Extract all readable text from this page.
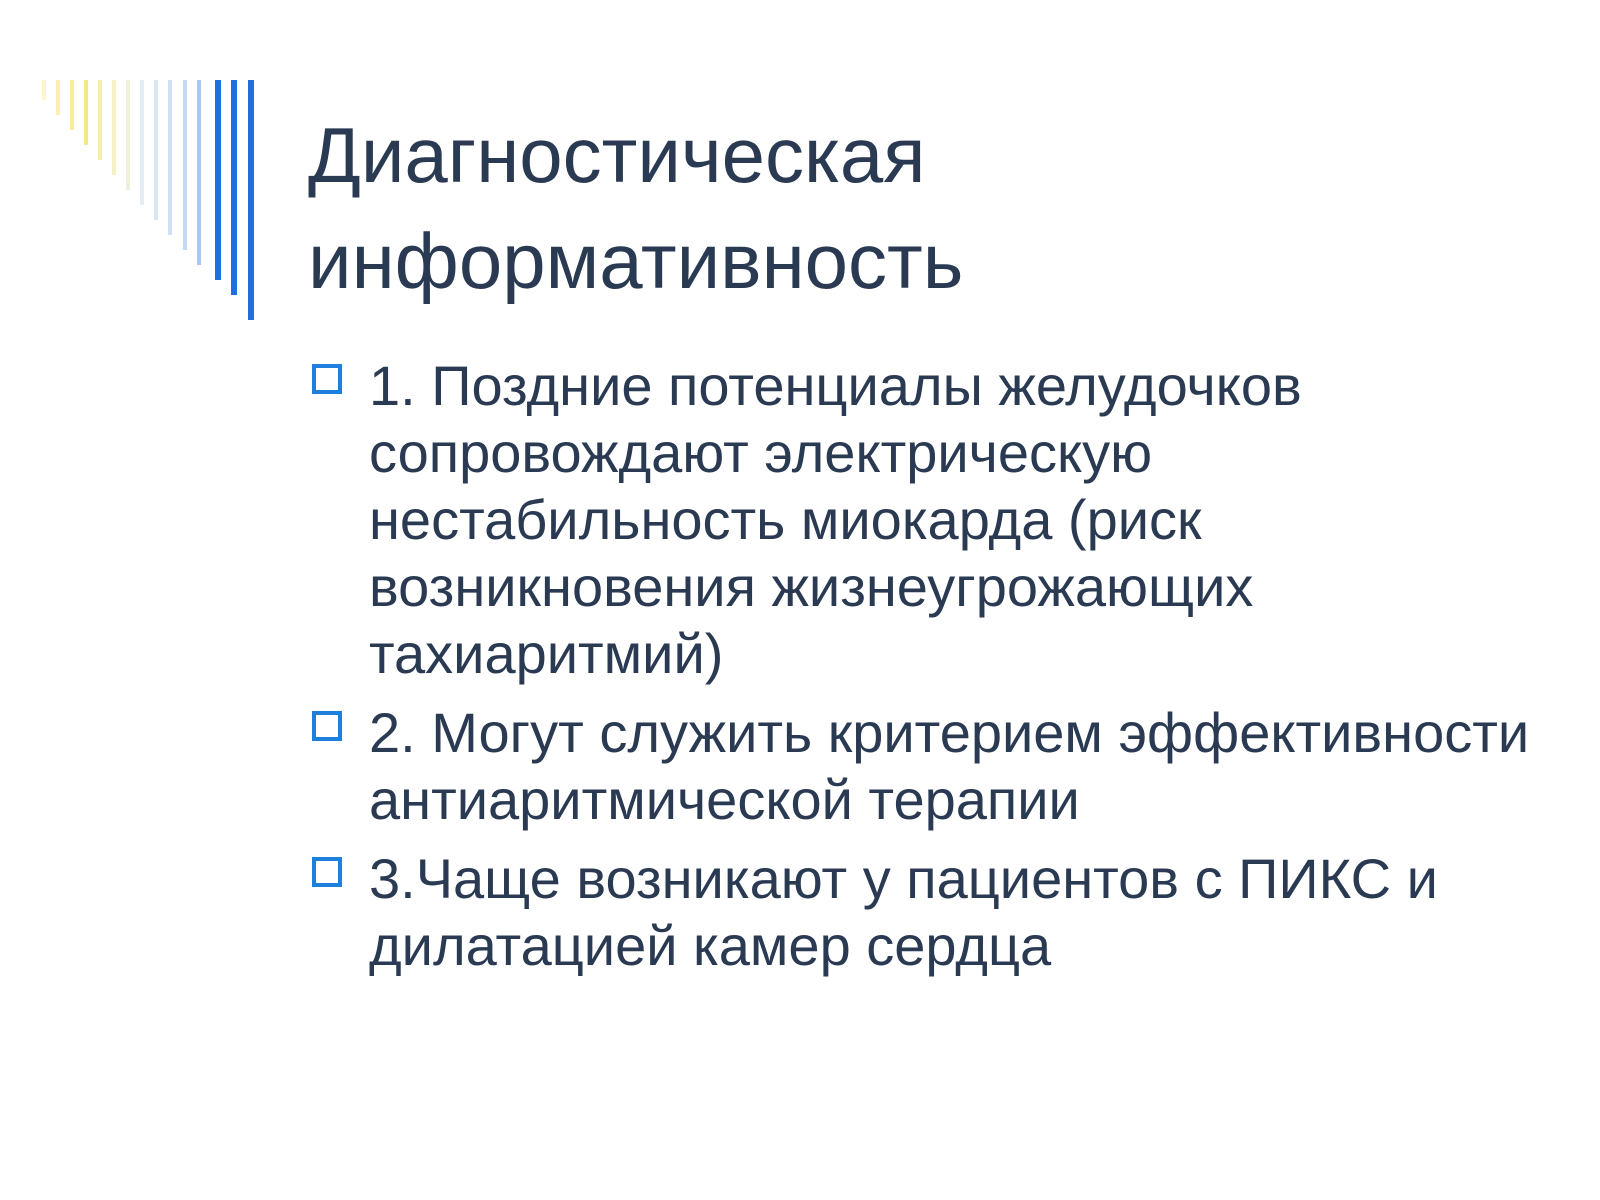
Диагностическая информативность
1. Поздние потенциалы желудочков сопровождают электрическую нестабильность миокарда (риск возникновения жизнеугрожающих тахиаритмий)
2. Могут служить критерием эффективности антиаритмической терапии
3.Чаще возникают у пациентов с ПИКС и дилатацией камер сердца
